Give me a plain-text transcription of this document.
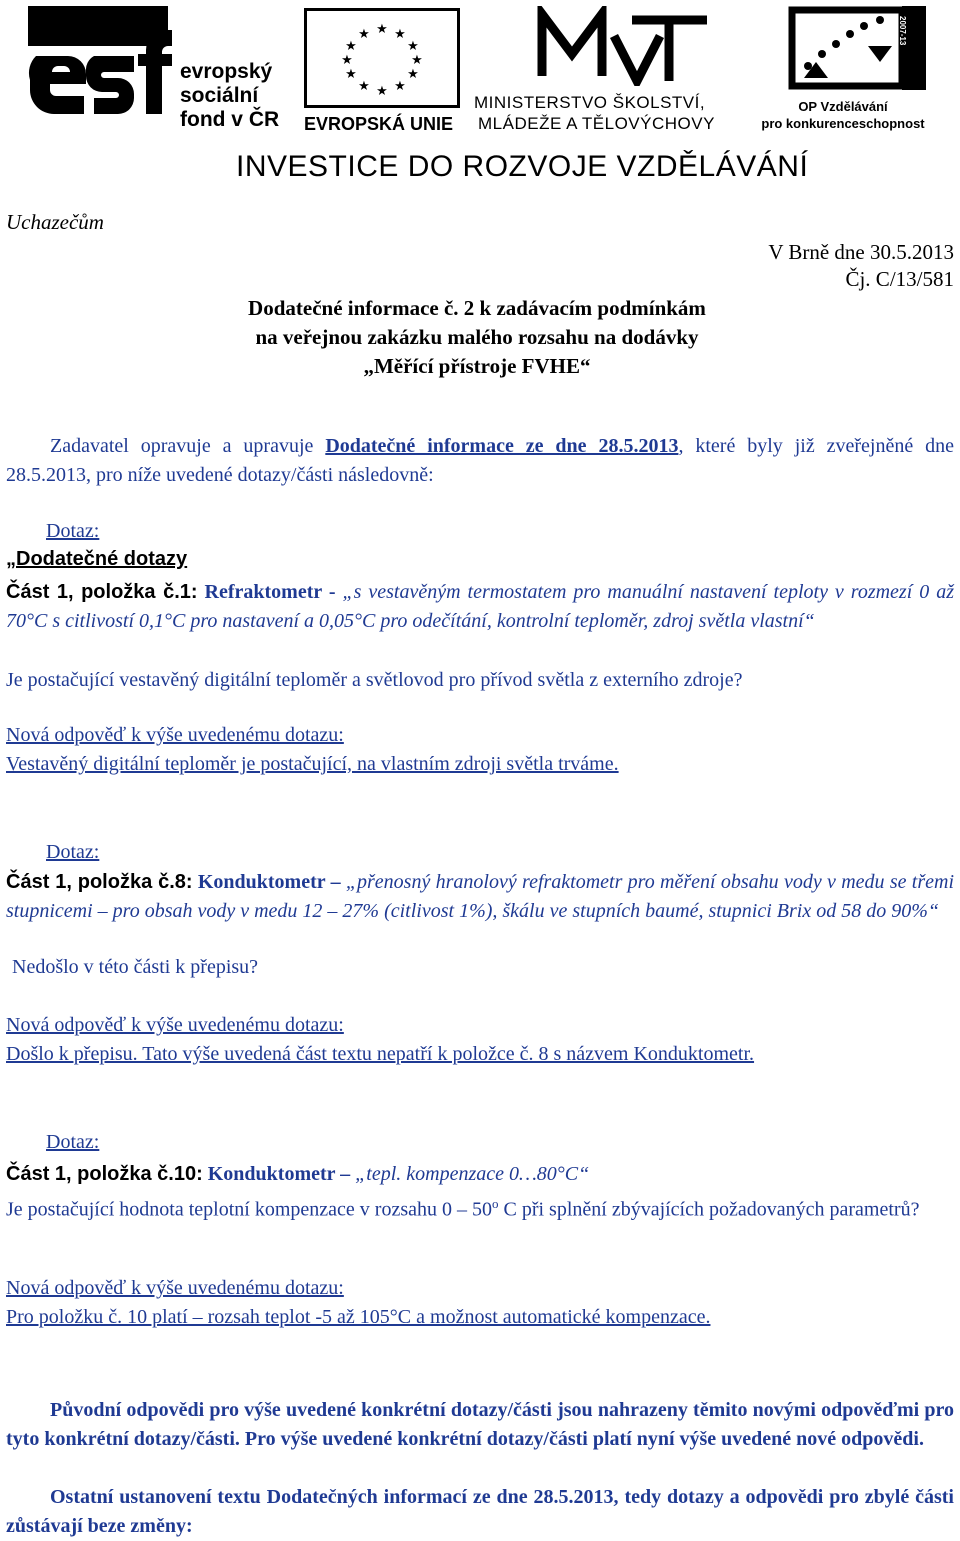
evropský
sociální
fond v ČR
★ ★
★
★
★
★
★
★
★
★
★
★
EVROPSKÁ UNIE
MINISTERSTVO ŠKOLSTVÍ,
MLÁDEŽE A TĚLOVÝCHOVY
2007-13
OP Vzdělávání
pro konkurenceschopnost
INVESTICE DO ROZVOJE VZDĚLÁVÁNÍ
Uchazečům
V Brně dne 30.5.2013
Čj. C/13/581
Dodatečné informace č. 2 k zadávacím podmínkám
na veřejnou zakázku malého rozsahu na dodávky
„Měřící přístroje FVHE“
Zadavatel opravuje a upravuje Dodatečné informace ze dne 28.5.2013, které byly již zveřejněné dne 28.5.2013, pro níže uvedené dotazy/části následovně:
Dotaz:
„Dodatečné dotazy
Část 1, položka č.1: Refraktometr - „s vestavěným termostatem pro manuální nastavení teploty v rozmezí 0 až 70°C s citlivostí 0,1°C pro nastavení a 0,05°C pro odečítání, kontrolní teploměr, zdroj světla vlastní“
Je postačující vestavěný digitální teploměr a světlovod pro přívod světla z externího zdroje?
Nová odpověď k výše uvedenému dotazu:
Vestavěný digitální teploměr je postačující, na vlastním zdroji světla trváme.
Dotaz:
Část 1, položka č.8: Konduktometr – „přenosný hranolový refraktometr pro měření obsahu vody v medu se třemi stupnicemi – pro obsah vody v medu 12 – 27% (citlivost 1%), škálu ve stupních baumé, stupnici Brix od 58 do 90%“
Nedošlo v této části k přepisu?
Nová odpověď k výše uvedenému dotazu:
Došlo k přepisu. Tato výše uvedená část textu nepatří k položce č. 8 s názvem Konduktometr.
Dotaz:
Část 1, položka č.10: Konduktometr – „tepl. kompenzace 0…80°C“
Je postačující hodnota teplotní kompenzace v rozsahu 0 – 50$^o$ C při splnění zbývajících požadovaných parametrů?
Nová odpověď k výše uvedenému dotazu:
Pro položku č. 10 platí – rozsah teplot -5 až 105°C a možnost automatické kompenzace.
Původní odpovědi pro výše uvedené konkrétní dotazy/části jsou nahrazeny těmito novými odpověďmi pro tyto konkrétní dotazy/části. Pro výše uvedené konkrétní dotazy/části platí nyní výše uvedené nové odpovědi.
Ostatní ustanovení textu Dodatečných informací ze dne 28.5.2013, tedy dotazy a odpovědi pro zbylé části zůstávají beze změny:
